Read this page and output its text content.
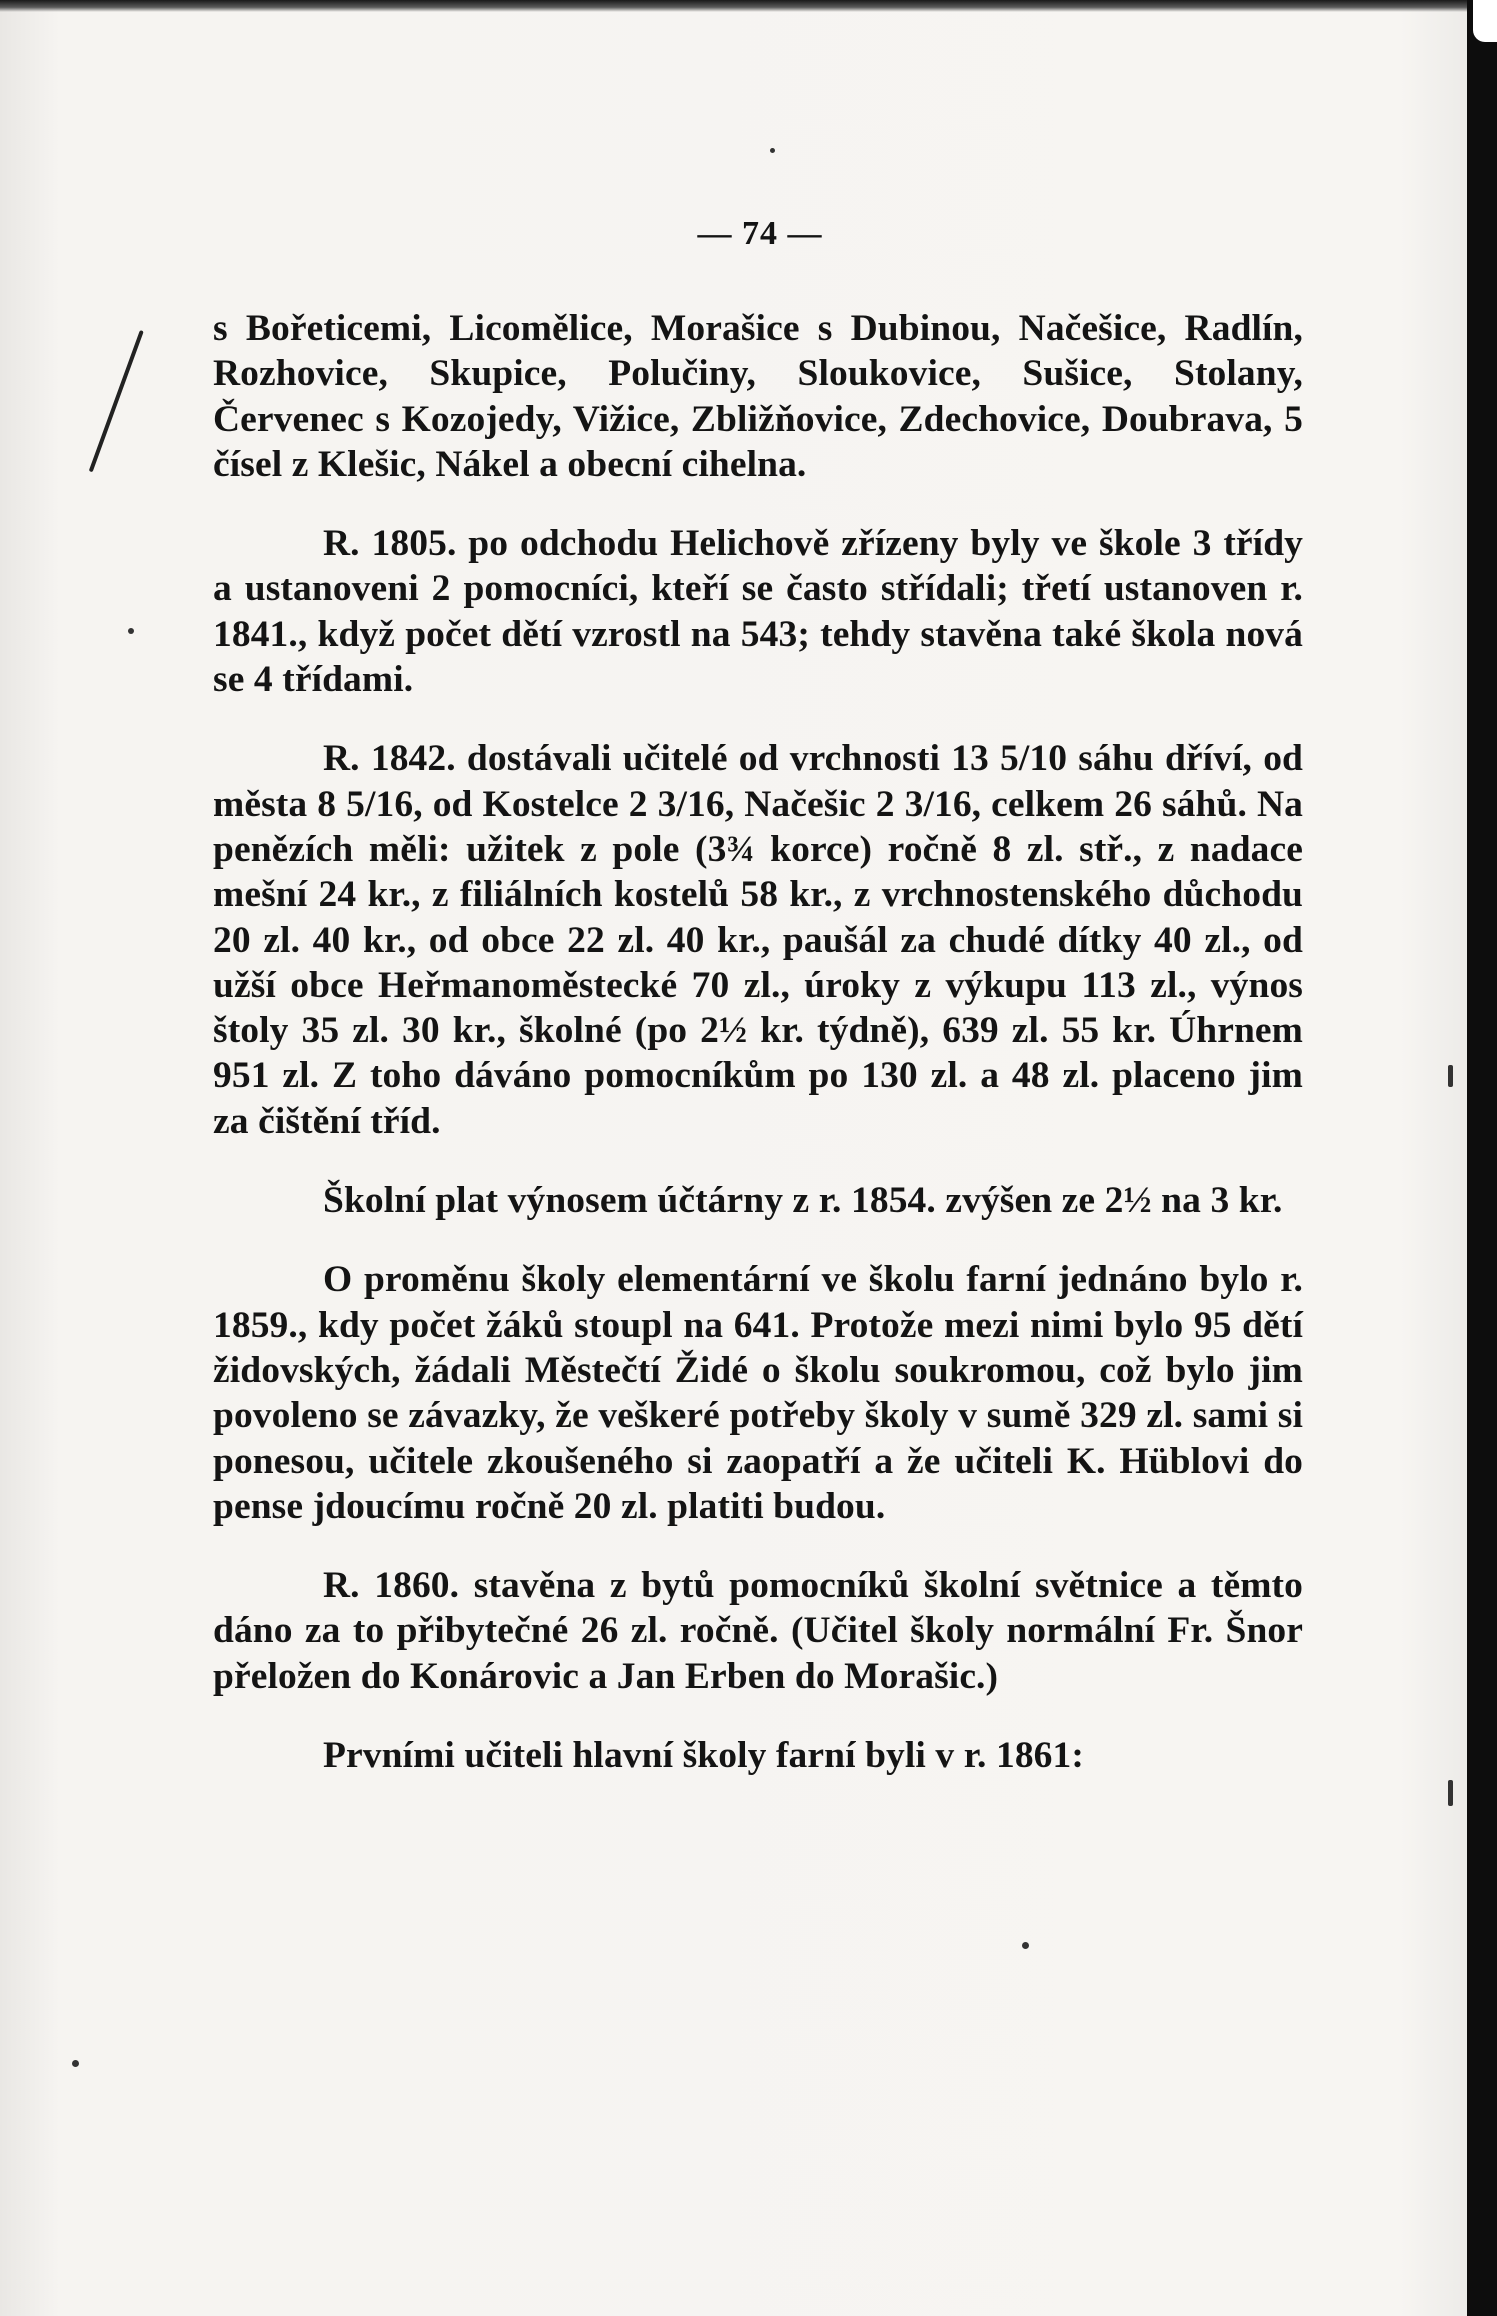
— 74 —

s Bořeticemi, Licomělice, Morašice s Dubinou, Načešice, Radlín, Rozhovice, Skupice, Polučiny, Sloukovice, Sušice, Stolany, Červenec s Kozojedy, Vižice, Zbližňovice, Zdechovice, Doubrava, 5 čísel z Klešic, Nákel a obecní cihelna.

R. 1805. po odchodu Helichově zřízeny byly ve škole 3 třídy a ustanoveni 2 pomocníci, kteří se často střídali; třetí ustanoven r. 1841., když počet dětí vzrostl na 543; tehdy stavěna také škola nová se 4 třídami.

R. 1842. dostávali učitelé od vrchnosti 13 5/10 sáhu dříví, od města 8 5/16, od Kostelce 2 3/16, Načešic 2 3/16, celkem 26 sáhů. Na penězích měli: užitek z pole (3¾ korce) ročně 8 zl. stř., z nadace mešní 24 kr., z filiálních kostelů 58 kr., z vrchnostenského důchodu 20 zl. 40 kr., od obce 22 zl. 40 kr., paušál za chudé dítky 40 zl., od užší obce Heřmanoměstecké 70 zl., úroky z výkupu 113 zl., výnos štoly 35 zl. 30 kr., školné (po 2½ kr. týdně), 639 zl. 55 kr. Úhrnem 951 zl. Z toho dáváno pomocníkům po 130 zl. a 48 zl. placeno jim za čištění tříd.

Školní plat výnosem účtárny z r. 1854. zvýšen ze 2½ na 3 kr.

O proměnu školy elementární ve školu farní jednáno bylo r. 1859., kdy počet žáků stoupl na 641. Protože mezi nimi bylo 95 dětí židovských, žádali Městečtí Židé o školu soukromou, což bylo jim povoleno se závazky, že veškeré potřeby školy v sumě 329 zl. sami si ponesou, učitele zkoušeného si zaopatří a že učiteli K. Hüblovi do pense jdoucímu ročně 20 zl. platiti budou.

R. 1860. stavěna z bytů pomocníků školní světnice a těmto dáno za to přibytečné 26 zl. ročně. (Učitel školy normální Fr. Šnor přeložen do Konárovic a Jan Erben do Morašic.)

Prvními učiteli hlavní školy farní byli v r. 1861:
